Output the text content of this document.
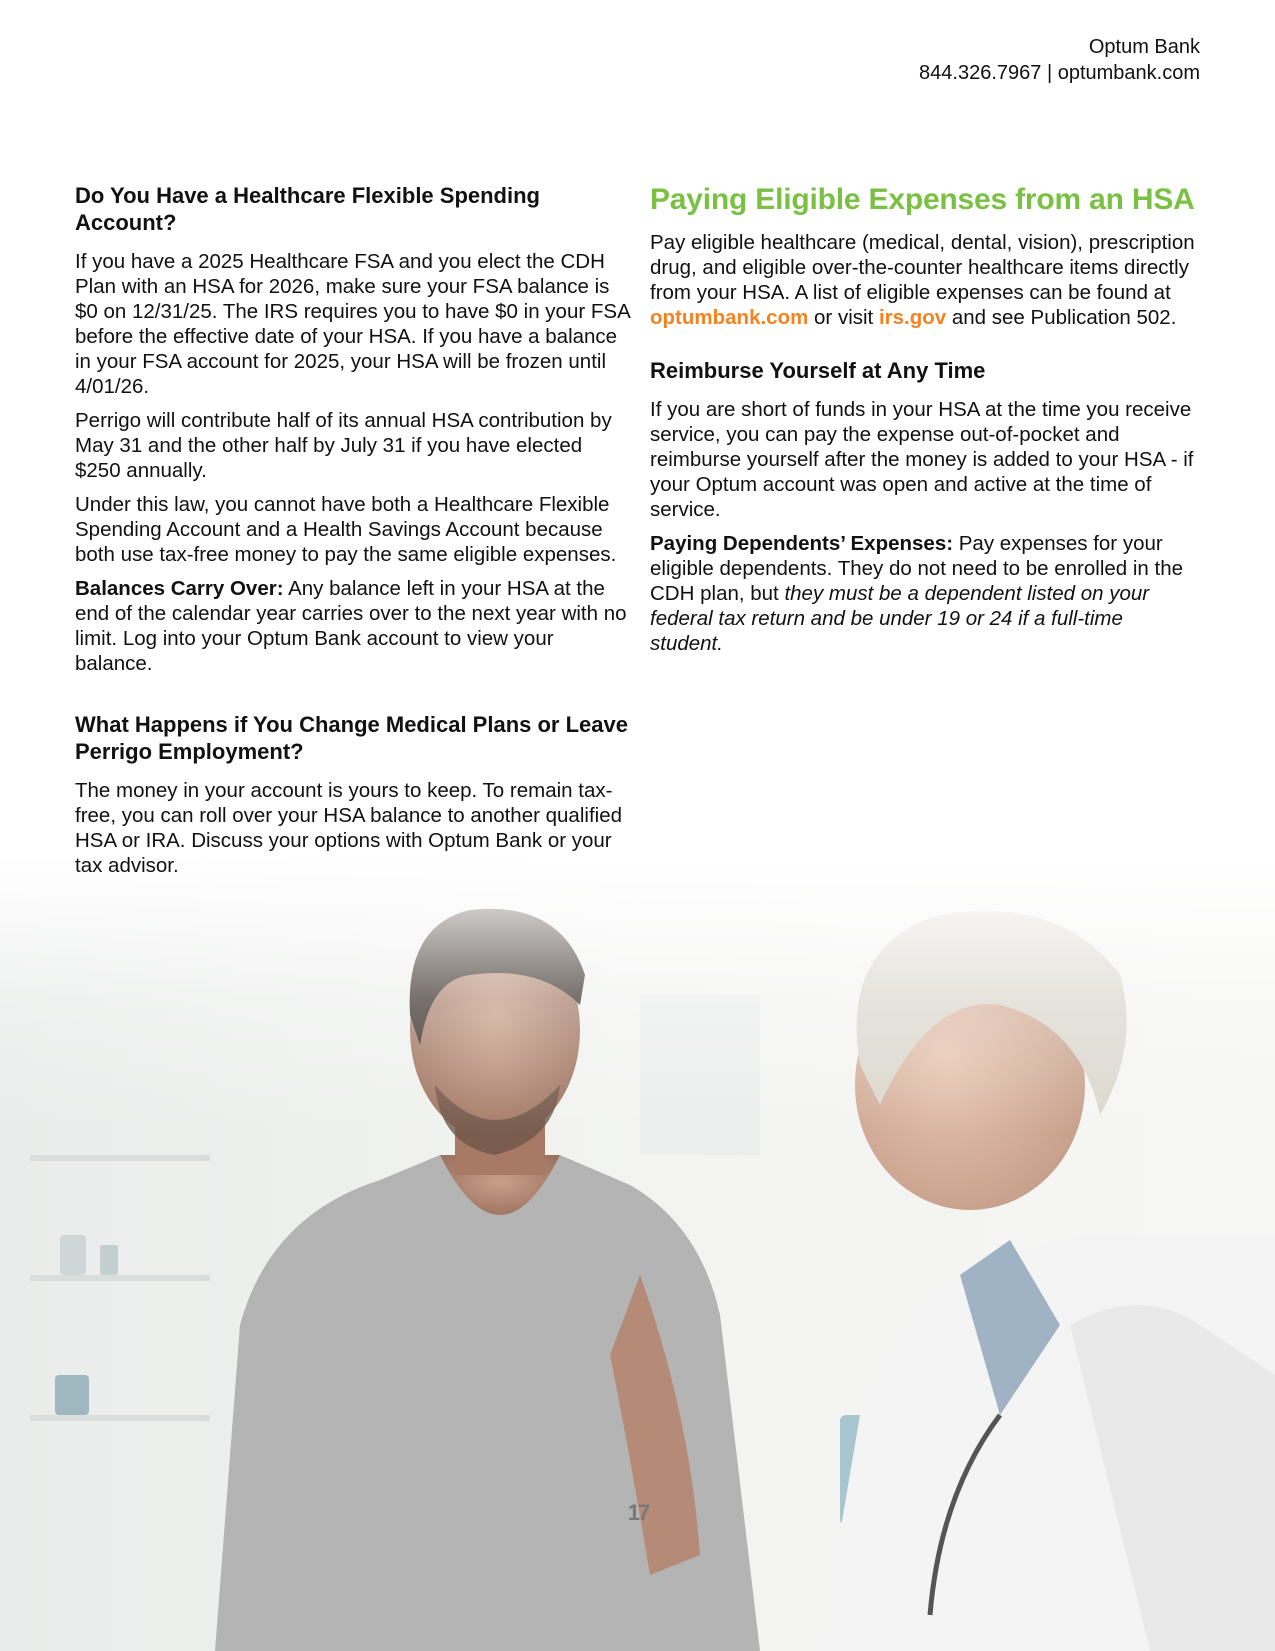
Optum Bank
844.326.7967 | optumbank.com
Do You Have a Healthcare Flexible Spending Account?

If you have a 2025 Healthcare FSA and you elect the CDH Plan with an HSA for 2026, make sure your FSA balance is $0 on 12/31/25. The IRS requires you to have $0 in your FSA before the effective date of your HSA. If you have a balance in your FSA account for 2025, your HSA will be frozen until 4/01/26.

Perrigo will contribute half of its annual HSA contribution by May 31 and the other half by July 31 if you have elected $250 annually.

Under this law, you cannot have both a Healthcare Flexible Spending Account and a Health Savings Account because both use tax-free money to pay the same eligible expenses.

Balances Carry Over: Any balance left in your HSA at the end of the calendar year carries over to the next year with no limit. Log into your Optum Bank account to view your balance.

What Happens if You Change Medical Plans or Leave Perrigo Employment?

The money in your account is yours to keep. To remain tax-free, you can roll over your HSA balance to another qualified HSA or IRA. Discuss your options with Optum Bank or your tax advisor.

Paying Eligible Expenses from an HSA

Pay eligible healthcare (medical, dental, vision), prescription drug, and eligible over-the-counter healthcare items directly from your HSA. A list of eligible expenses can be found at optumbank.com or visit irs.gov and see Publication 502.

Reimburse Yourself at Any Time

If you are short of funds in your HSA at the time you receive service, you can pay the expense out-of-pocket and reimburse yourself after the money is added to your HSA - if your Optum account was open and active at the time of service.

Paying Dependents’ Expenses: Pay expenses for your eligible dependents. They do not need to be enrolled in the CDH plan, but they must be a dependent listed on your federal tax return and be under 19 or 24 if a full-time student.

17
